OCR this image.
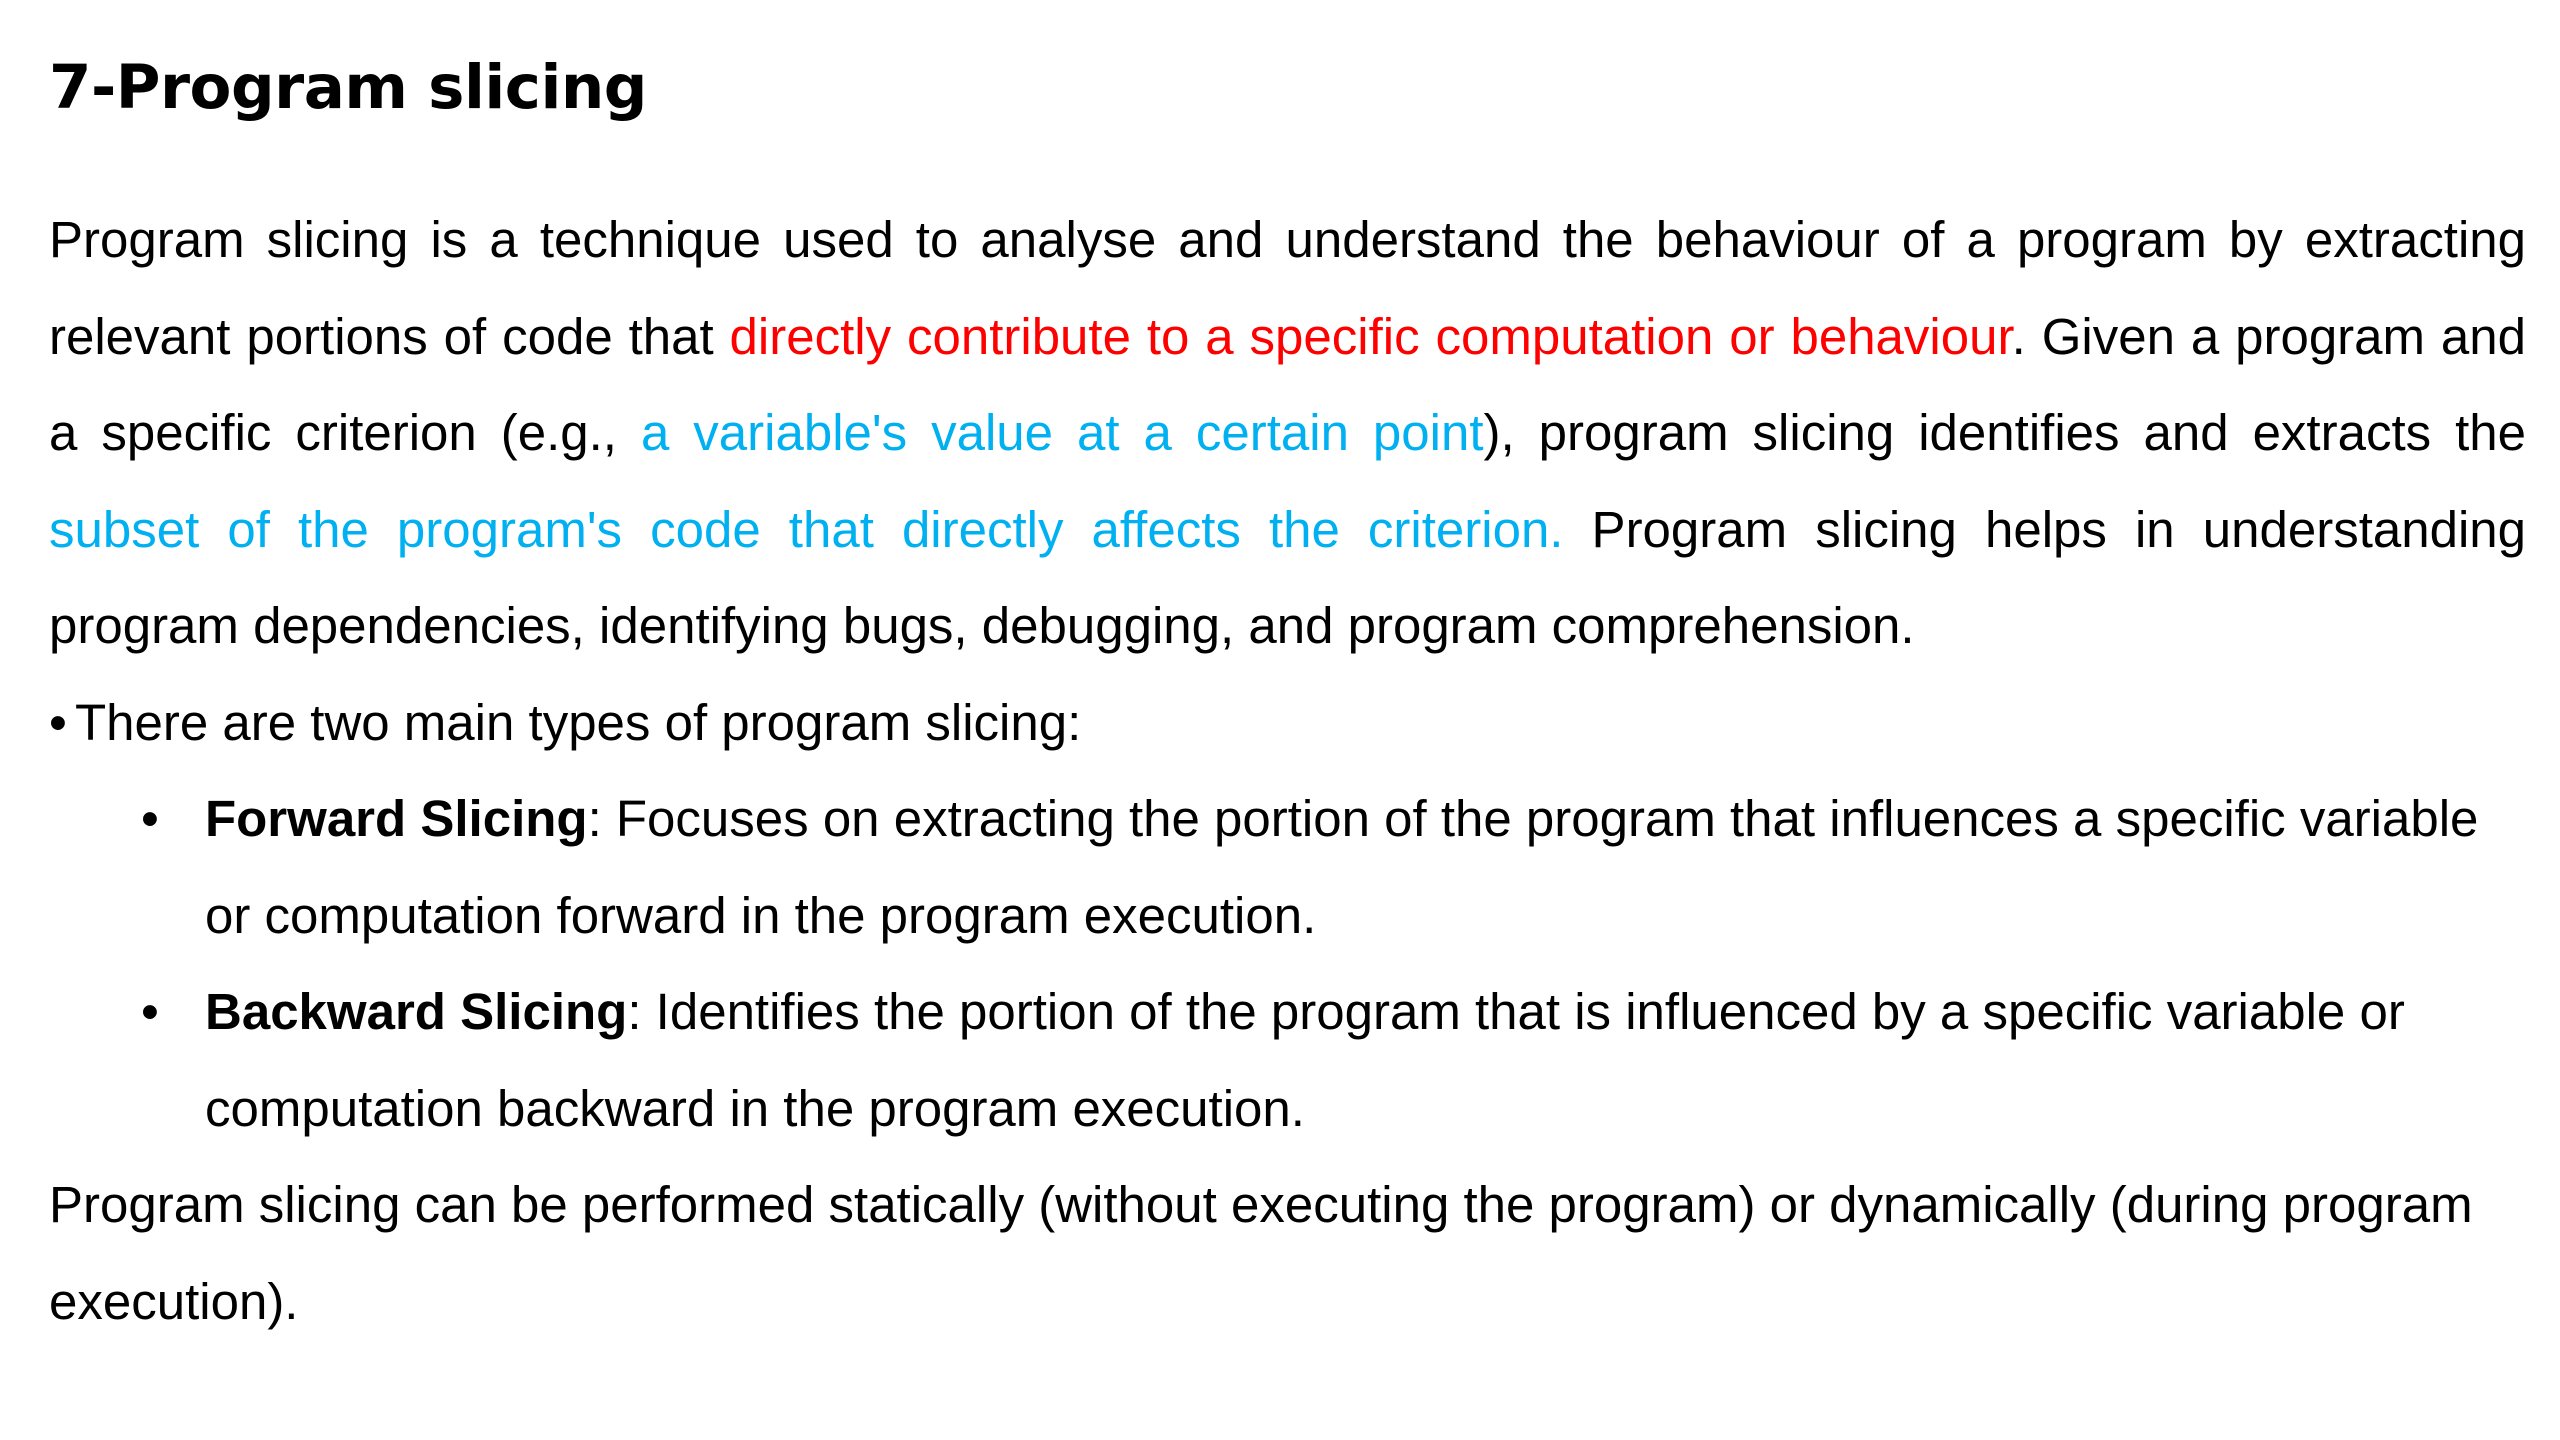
7-Program slicing

Program slicing is a technique used to analyse and understand the behaviour of a program by extracting relevant portions of code that directly contribute to a specific computation or behaviour. Given a program and a specific criterion (e.g., a variable's value at a certain point), program slicing identifies and extracts the subset of the program's code that directly affects the criterion. Program slicing helps in understanding program dependencies, identifying bugs, debugging, and program comprehension.

• There are two main types of program slicing:
• Forward Slicing: Focuses on extracting the portion of the program that influences a specific variable or computation forward in the program execution.
• Backward Slicing: Identifies the portion of the program that is influenced by a specific variable or computation backward in the program execution.

Program slicing can be performed statically (without executing the program) or dynamically (during program execution).
